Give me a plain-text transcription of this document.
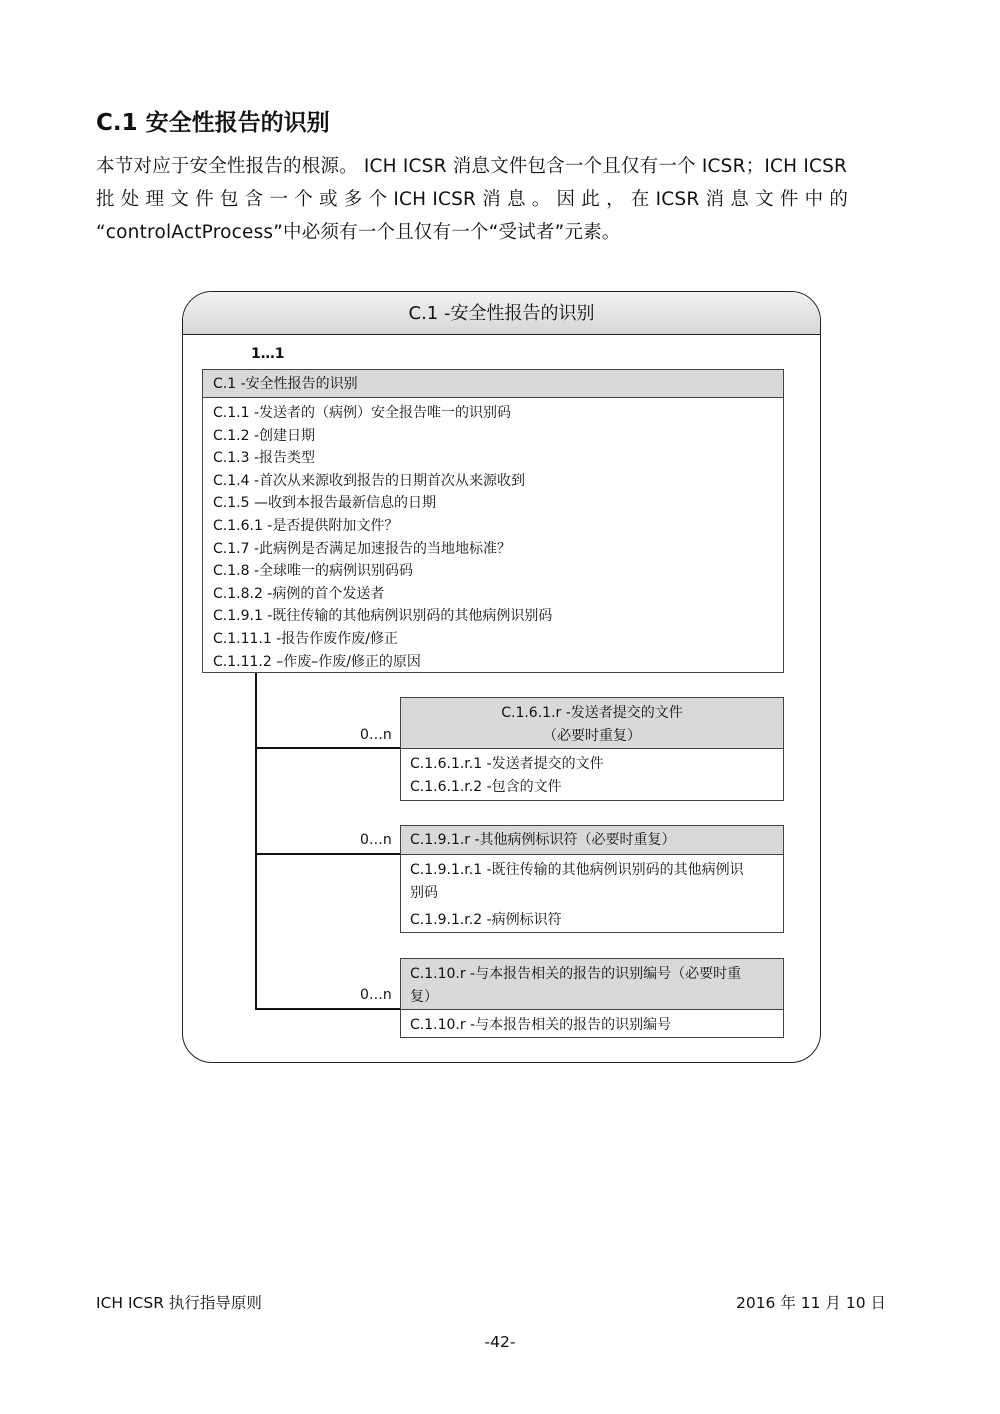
C.1 安全性报告的识别

本节对应于安全性报告的根源。 ICH ICSR 消息文件包含一个且仅有一个 ICSR；ICH ICSR

批 处 理 文 件 包 含 一 个 或 多 个 ICH ICSR 消 息 。 因 此 ， 在 ICSR 消 息 文 件 中 的

“controlActProcess”中必须有一个且仅有一个“受试者”元素。

C.1 -安全性报告的识别
1…1
C.1 -安全性报告的识别
C.1.1 -发送者的（病例）安全报告唯一的识别码
C.1.2 -创建日期
C.1.3 -报告类型
C.1.4 -首次从来源收到报告的日期首次从来源收到
C.1.5 —收到本报告最新信息的日期
C.1.6.1 -是否提供附加文件？
C.1.7 -此病例是否满足加速报告的当地地标准？
C.1.8 -全球唯一的病例识别码码
C.1.8.2 -病例的首个发送者
C.1.9.1 -既往传输的其他病例识别码的其他病例识别码
C.1.11.1 -报告作废作废/修正
C.1.11.2 –作废–作废/修正的原因
0…n
C.1.6.1.r -发送者提交的文件
（必要时重复）
C.1.6.1.r.1 -发送者提交的文件
C.1.6.1.r.2 -包含的文件
0…n	C.1.9.1.r -其他病例标识符（必要时重复）
C.1.9.1.r.1 -既往传输的其他病例识别码的其他病例识
别码
C.1.9.1.r.2 -病例标识符
0…n
C.1.10.r -与本报告相关的报告的识别编号（必要时重
复）
C.1.10.r -与本报告相关的报告的识别编号
ICH ICSR 执行指导原则	2016 年 11 月 10 日
-42-
